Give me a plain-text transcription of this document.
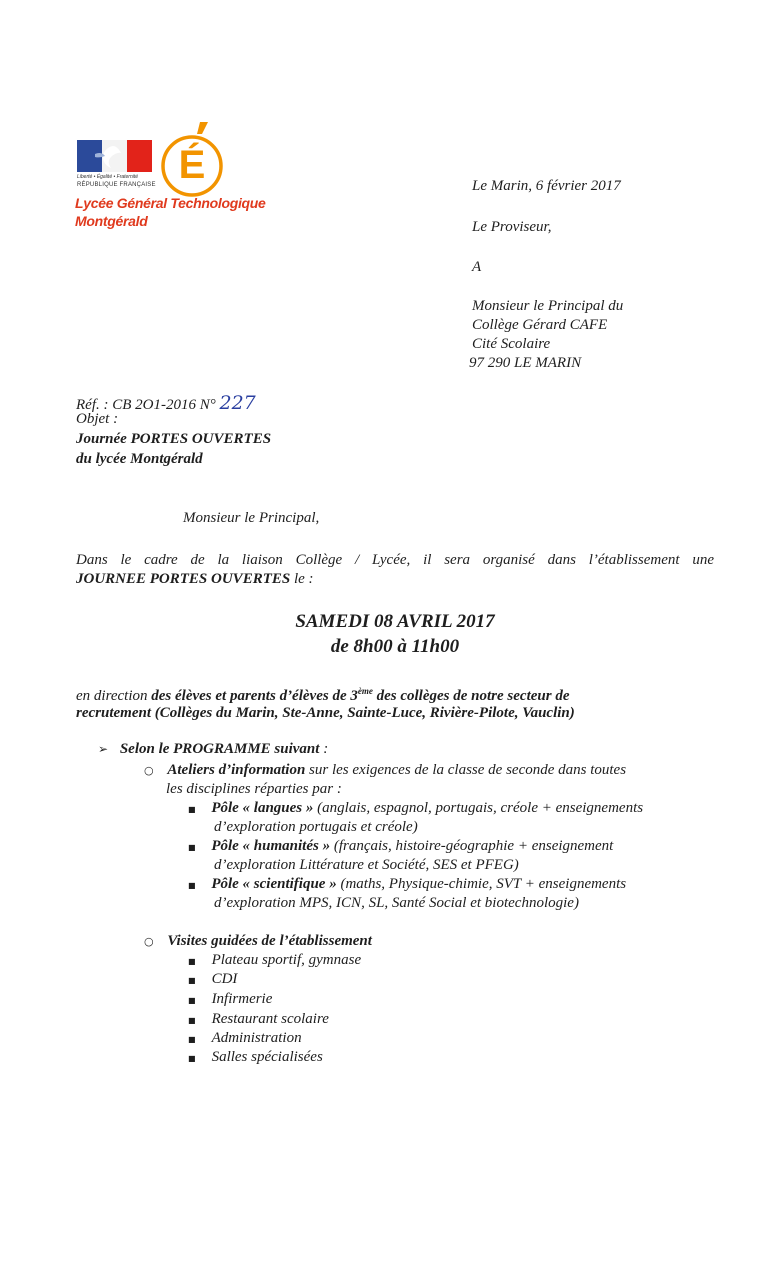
Liberté • Égalité • Fraternité
RÉPUBLIQUE FRANÇAISE É
Lycée Général Technologique
Montgérald
Le Marin, 6 février 2017
Le Proviseur,
A
Monsieur le Principal du
Collège Gérard CAFE
Cité Scolaire
97 290 LE MARIN
Réf. : CB 2O1-2016 N° 227
Objet :
Journée PORTES OUVERTES
du lycée Montgérald
Monsieur le Principal,
Dans le cadre de la liaison Collège / Lycée, il sera organisé dans l’établissement une
JOURNEE PORTES OUVERTES le :
SAMEDI 08 AVRIL 2017
de 8h00 à 11h00
en direction des élèves et parents d’élèves de 3ème des collèges de notre secteur de
recrutement (Collèges du Marin, Ste-Anne, Sainte-Luce, Rivière-Pilote, Vauclin)
➢ Selon le PROGRAMME suivant :
○ Ateliers d’information sur les exigences de la classe de seconde dans toutes
les disciplines réparties par :
■ Pôle « langues » (anglais, espagnol, portugais, créole + enseignements
d’exploration portugais et créole)
■ Pôle « humanités » (français, histoire-géographie + enseignement
d’exploration Littérature et Société, SES et PFEG)
■ Pôle « scientifique » (maths, Physique-chimie, SVT + enseignements
d’exploration MPS, ICN, SL, Santé Social et biotechnologie)
○ Visites guidées de l’établissement
■ Plateau sportif, gymnase
■ CDI
■ Infirmerie
■ Restaurant scolaire
■ Administration
■ Salles spécialisées
